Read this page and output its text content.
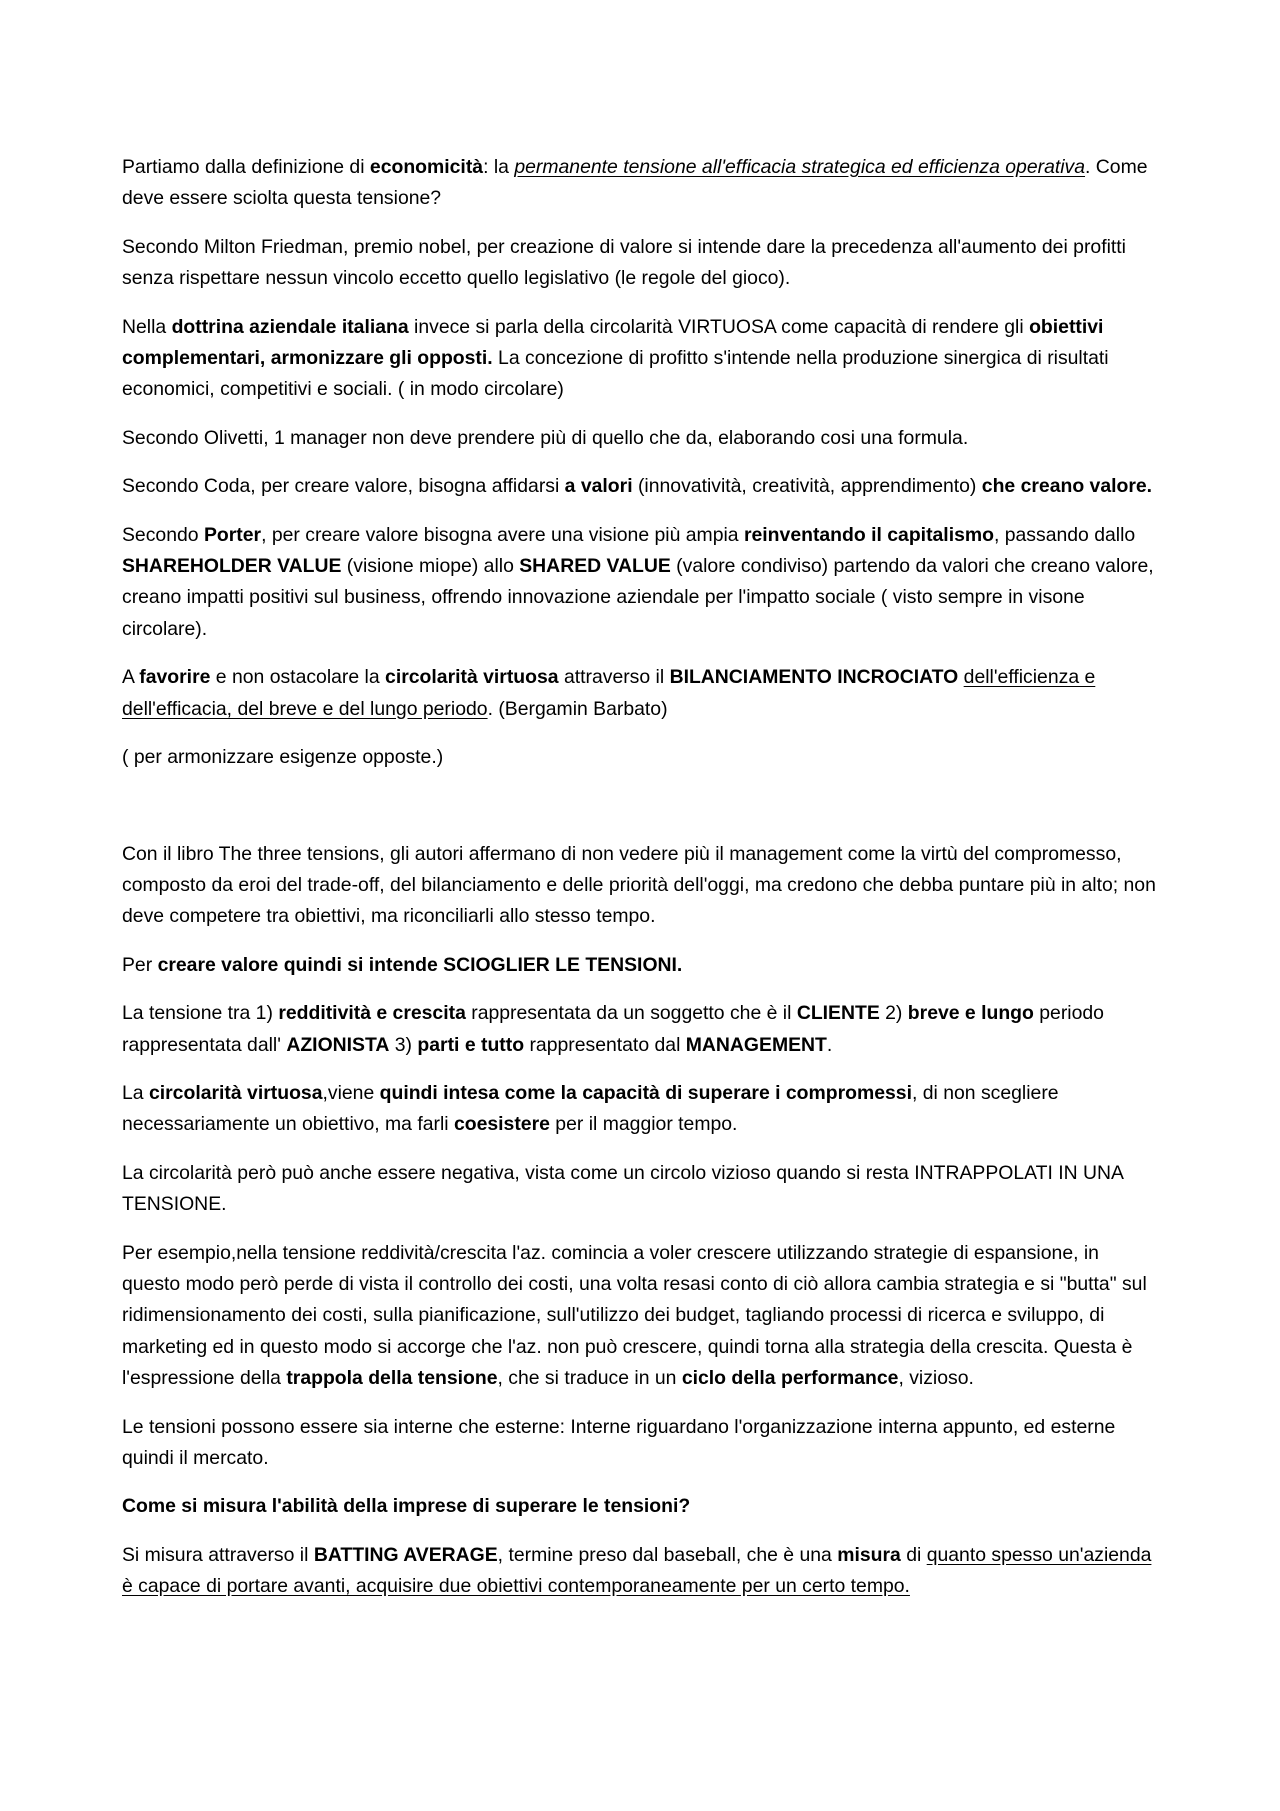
Partiamo dalla definizione di economicità: la permanente tensione all'efficacia strategica ed efficienza operativa. Come deve essere sciolta questa tensione?

Secondo Milton Friedman, premio nobel, per creazione di valore si intende dare la precedenza all'aumento dei profitti senza rispettare nessun vincolo eccetto quello legislativo (le regole del gioco).

Nella dottrina aziendale italiana invece si parla della circolarità VIRTUOSA come capacità di rendere gli obiettivi complementari, armonizzare gli opposti. La concezione di profitto s'intende nella produzione sinergica di risultati economici, competitivi e sociali. ( in modo circolare)

Secondo Olivetti, 1 manager non deve prendere più di quello che da, elaborando cosi una formula.

Secondo Coda, per creare valore, bisogna affidarsi a valori (innovatività, creatività, apprendimento) che creano valore.

Secondo Porter, per creare valore bisogna avere una visione più ampia reinventando il capitalismo, passando dallo SHAREHOLDER VALUE (visione miope) allo SHARED VALUE (valore condiviso) partendo da valori che creano valore, creano impatti positivi sul business, offrendo innovazione aziendale per l'impatto sociale ( visto sempre in visone circolare).

A favorire e non ostacolare la circolarità virtuosa attraverso il BILANCIAMENTO INCROCIATO dell'efficienza e dell'efficacia, del breve e del lungo periodo. (Bergamin Barbato)

( per armonizzare esigenze opposte.)

Con il libro The three tensions, gli autori affermano di non vedere più il management come la virtù del compromesso, composto da eroi del trade-off, del bilanciamento e delle priorità dell'oggi, ma credono che debba puntare più in alto; non deve competere tra obiettivi, ma riconciliarli allo stesso tempo.

Per creare valore quindi si intende SCIOGLIER LE TENSIONI.

La tensione tra 1) redditività e crescita rappresentata da un soggetto che è il CLIENTE 2) breve e lungo periodo rappresentata dall' AZIONISTA 3) parti e tutto rappresentato dal MANAGEMENT.

La circolarità virtuosa,viene quindi intesa come la capacità di superare i compromessi, di non scegliere necessariamente un obiettivo, ma farli coesistere per il maggior tempo.

La circolarità però può anche essere negativa, vista come un circolo vizioso quando si resta INTRAPPOLATI IN UNA TENSIONE.

Per esempio,nella tensione reddività/crescita l'az. comincia a voler crescere utilizzando strategie di espansione, in questo modo però perde di vista il controllo dei costi, una volta resasi conto di ciò allora cambia strategia e si "butta" sul ridimensionamento dei costi, sulla pianificazione, sull'utilizzo dei budget, tagliando processi di ricerca e sviluppo, di marketing ed in questo modo si accorge che l'az. non può crescere, quindi torna alla strategia della crescita. Questa è l'espressione della trappola della tensione, che si traduce in un ciclo della performance, vizioso.

Le tensioni possono essere sia interne che esterne: Interne riguardano l'organizzazione interna appunto, ed esterne quindi il mercato.

Come si misura l'abilità della imprese di superare le tensioni?

Si misura attraverso il BATTING AVERAGE, termine preso dal baseball, che è una misura di quanto spesso un'azienda è capace di portare avanti, acquisire due obiettivi contemporaneamente per un certo tempo.
